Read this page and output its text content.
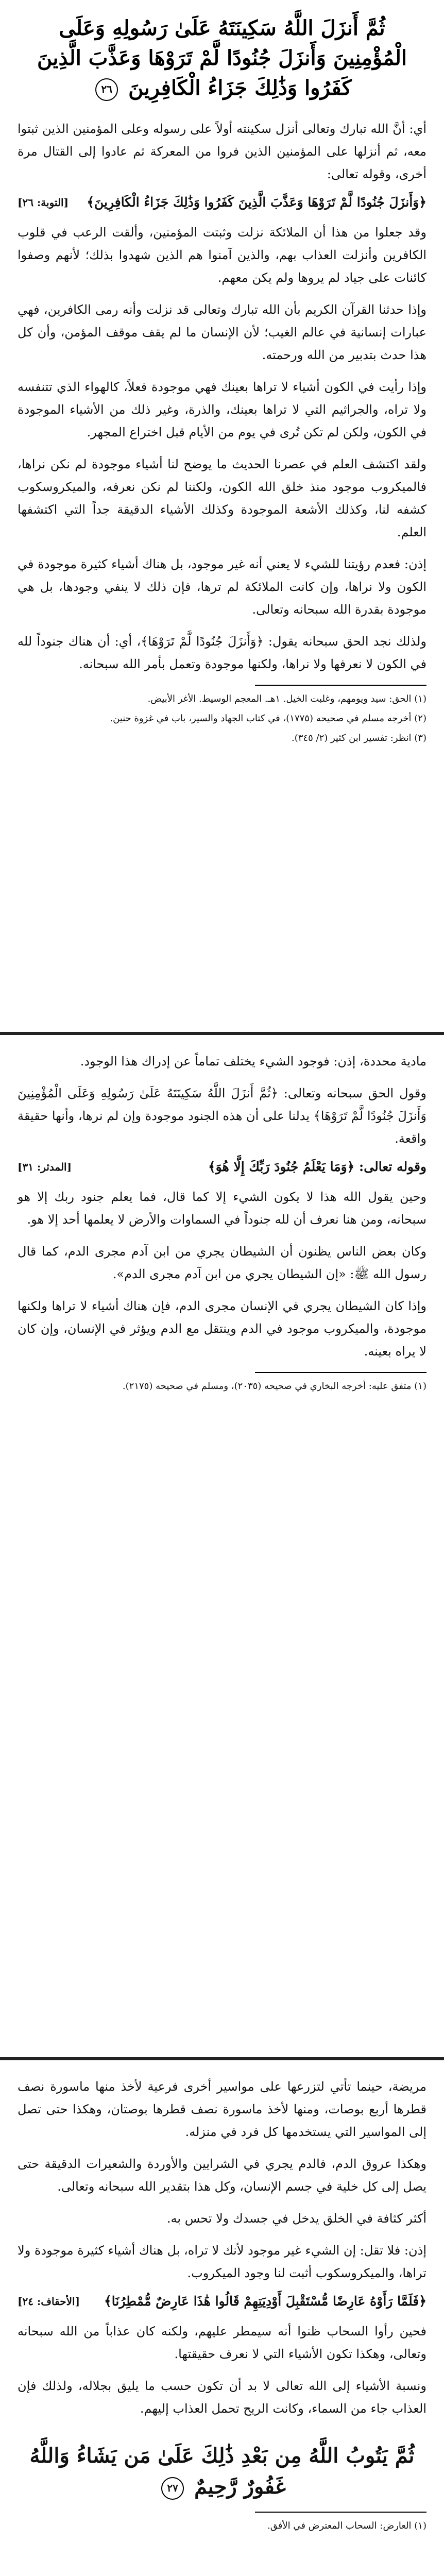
ثُمَّ أَنزَلَ اللَّهُ سَكِينَتَهُ عَلَىٰ رَسُولِهِ وَعَلَى الْمُؤْمِنِينَ وَأَنزَلَ جُنُودًا لَّمْ تَرَوْهَا وَعَذَّبَ الَّذِينَ كَفَرُوا وَذَٰلِكَ جَزَاءُ الْكَافِرِينَ ٢٦

أي: أنَّ الله تبارك وتعالى أنزل سكينته أولاً على رسوله وعلى المؤمنين الذين ثبتوا معه، ثم أنزلها على المؤمنين الذين فروا من المعركة ثم عادوا إلى القتال مرة أخرى، وقوله تعالى:

﴿وَأَنزَلَ جُنُودًا لَّمْ تَرَوْهَا وَعَذَّبَ الَّذِينَ كَفَرُوا وَذَٰلِكَ جَزَاءُ الْكَافِرِينَ﴾
[التوبة: ٢٦]

وقد جعلوا من هذا أن الملائكة نزلت وثبتت المؤمنين، وألقت الرعب في قلوب الكافرين وأنزلت العذاب بهم، والذين آمنوا هم الذين شهدوا بذلك؛ لأنهم وصفوا كائنات على جياد لم يروها ولم يكن معهم.

وإذا حدثنا القرآن الكريم بأن الله تبارك وتعالى قد نزلت وأنه رمى الكافرين، فهي عبارات إنسانية في عالم الغيب؛ لأن الإنسان ما لم يقف موقف المؤمن، وأن كل هذا حدث بتدبير من الله ورحمته.

وإذا رأيت في الكون أشياء لا تراها بعينك فهي موجودة فعلاً، كالهواء الذي تتنفسه ولا تراه، والجراثيم التي لا تراها بعينك، والذرة، وغير ذلك من الأشياء الموجودة في الكون، ولكن لم تكن تُرى في يوم من الأيام قبل اختراع المجهر.

ولقد اكتشف العلم في عصرنا الحديث ما يوضح لنا أشياء موجودة لم نكن نراها، فالميكروب موجود منذ خلق الله الكون، ولكننا لم نكن نعرفه، والميكروسكوب كشفه لنا، وكذلك الأشعة الموجودة وكذلك الأشياء الدقيقة جداً التي اكتشفها العلم.

إذن: فعدم رؤيتنا للشيء لا يعني أنه غير موجود، بل هناك أشياء كثيرة موجودة في الكون ولا نراها، وإن كانت الملائكة لم ترها، فإن ذلك لا ينفي وجودها، بل هي موجودة بقدرة الله سبحانه وتعالى.

ولذلك نجد الحق سبحانه يقول: ﴿وَأَنزَلَ جُنُودًا لَّمْ تَرَوْهَا﴾، أي: أن هناك جنوداً لله في الكون لا نعرفها ولا نراها، ولكنها موجودة وتعمل بأمر الله سبحانه.

(١) الحق: سيد ويومهم، وغلبت الخيل. ١هـ. المعجم الوسيط. الأغر الأبيض.
(٢) أخرجه مسلم في صحيحه (١٧٧٥)، في كتاب الجهاد والسير، باب في غزوة حنين.
(٣) انظر: تفسير ابن كثير (٢/ ٣٤٥).

مادية محددة، إذن: فوجود الشيء يختلف تماماً عن إدراك هذا الوجود.

وقول الحق سبحانه وتعالى: ﴿ثُمَّ أَنزَلَ اللَّهُ سَكِينَتَهُ عَلَىٰ رَسُولِهِ وَعَلَى الْمُؤْمِنِينَ وَأَنزَلَ جُنُودًا لَّمْ تَرَوْهَا﴾ يدلنا على أن هذه الجنود موجودة وإن لم نرها، وأنها حقيقة واقعة.

وقوله تعالى: ﴿وَمَا يَعْلَمُ جُنُودَ رَبِّكَ إِلَّا هُوَ﴾
[المدثر: ٣١]

وحين يقول الله هذا لا يكون الشيء إلا كما قال، فما يعلم جنود ربك إلا هو سبحانه، ومن هنا نعرف أن لله جنوداً في السماوات والأرض لا يعلمها أحد إلا هو.

وكان بعض الناس يظنون أن الشيطان يجري من ابن آدم مجرى الدم، كما قال رسول الله ﷺ: «إن الشيطان يجري من ابن آدم مجرى الدم».

وإذا كان الشيطان يجري في الإنسان مجرى الدم، فإن هناك أشياء لا تراها ولكنها موجودة، والميكروب موجود في الدم وينتقل مع الدم ويؤثر في الإنسان، وإن كان لا يراه بعينه.

(١) متفق عليه: أخرجه البخاري في صحيحه (٢٠٣٥)، ومسلم في صحيحه (٢١٧٥).

مريضة، حينما تأتي لتزرعها على مواسير أخرى فرعية لأخذ منها ماسورة نصف قطرها أربع بوصات، ومنها لأخذ ماسورة نصف قطرها بوصتان، وهكذا حتى تصل إلى المواسير التي يستخدمها كل فرد في منزله.

وهكذا عروق الدم، فالدم يجري في الشرايين والأوردة والشعيرات الدقيقة حتى يصل إلى كل خلية في جسم الإنسان، وكل هذا بتقدير الله سبحانه وتعالى.

أكثر كثافة في الخلق يدخل في جسدك ولا تحس به.

إذن: فلا تقل: إن الشيء غير موجود لأنك لا تراه، بل هناك أشياء كثيرة موجودة ولا تراها، والميكروسكوب أثبت لنا وجود الميكروب.

﴿فَلَمَّا رَأَوْهُ عَارِضًا مُّسْتَقْبِلَ أَوْدِيَتِهِمْ قَالُوا هَٰذَا عَارِضٌ مُّمْطِرُنَا﴾
[الأحقاف: ٢٤]

فحين رأوا السحاب ظنوا أنه سيمطر عليهم، ولكنه كان عذاباً من الله سبحانه وتعالى، وهكذا تكون الأشياء التي لا نعرف حقيقتها.

ونسبة الأشياء إلى الله تعالى لا بد أن تكون حسب ما يليق بجلاله، ولذلك فإن العذاب جاء من السماء، وكانت الريح تحمل العذاب إليهم.

ثُمَّ يَتُوبُ اللَّهُ مِن بَعْدِ ذَٰلِكَ عَلَىٰ مَن يَشَاءُ وَاللَّهُ غَفُورٌ رَّحِيمٌ ٢٧
(١) العارض: السحاب المعترض في الأفق.
